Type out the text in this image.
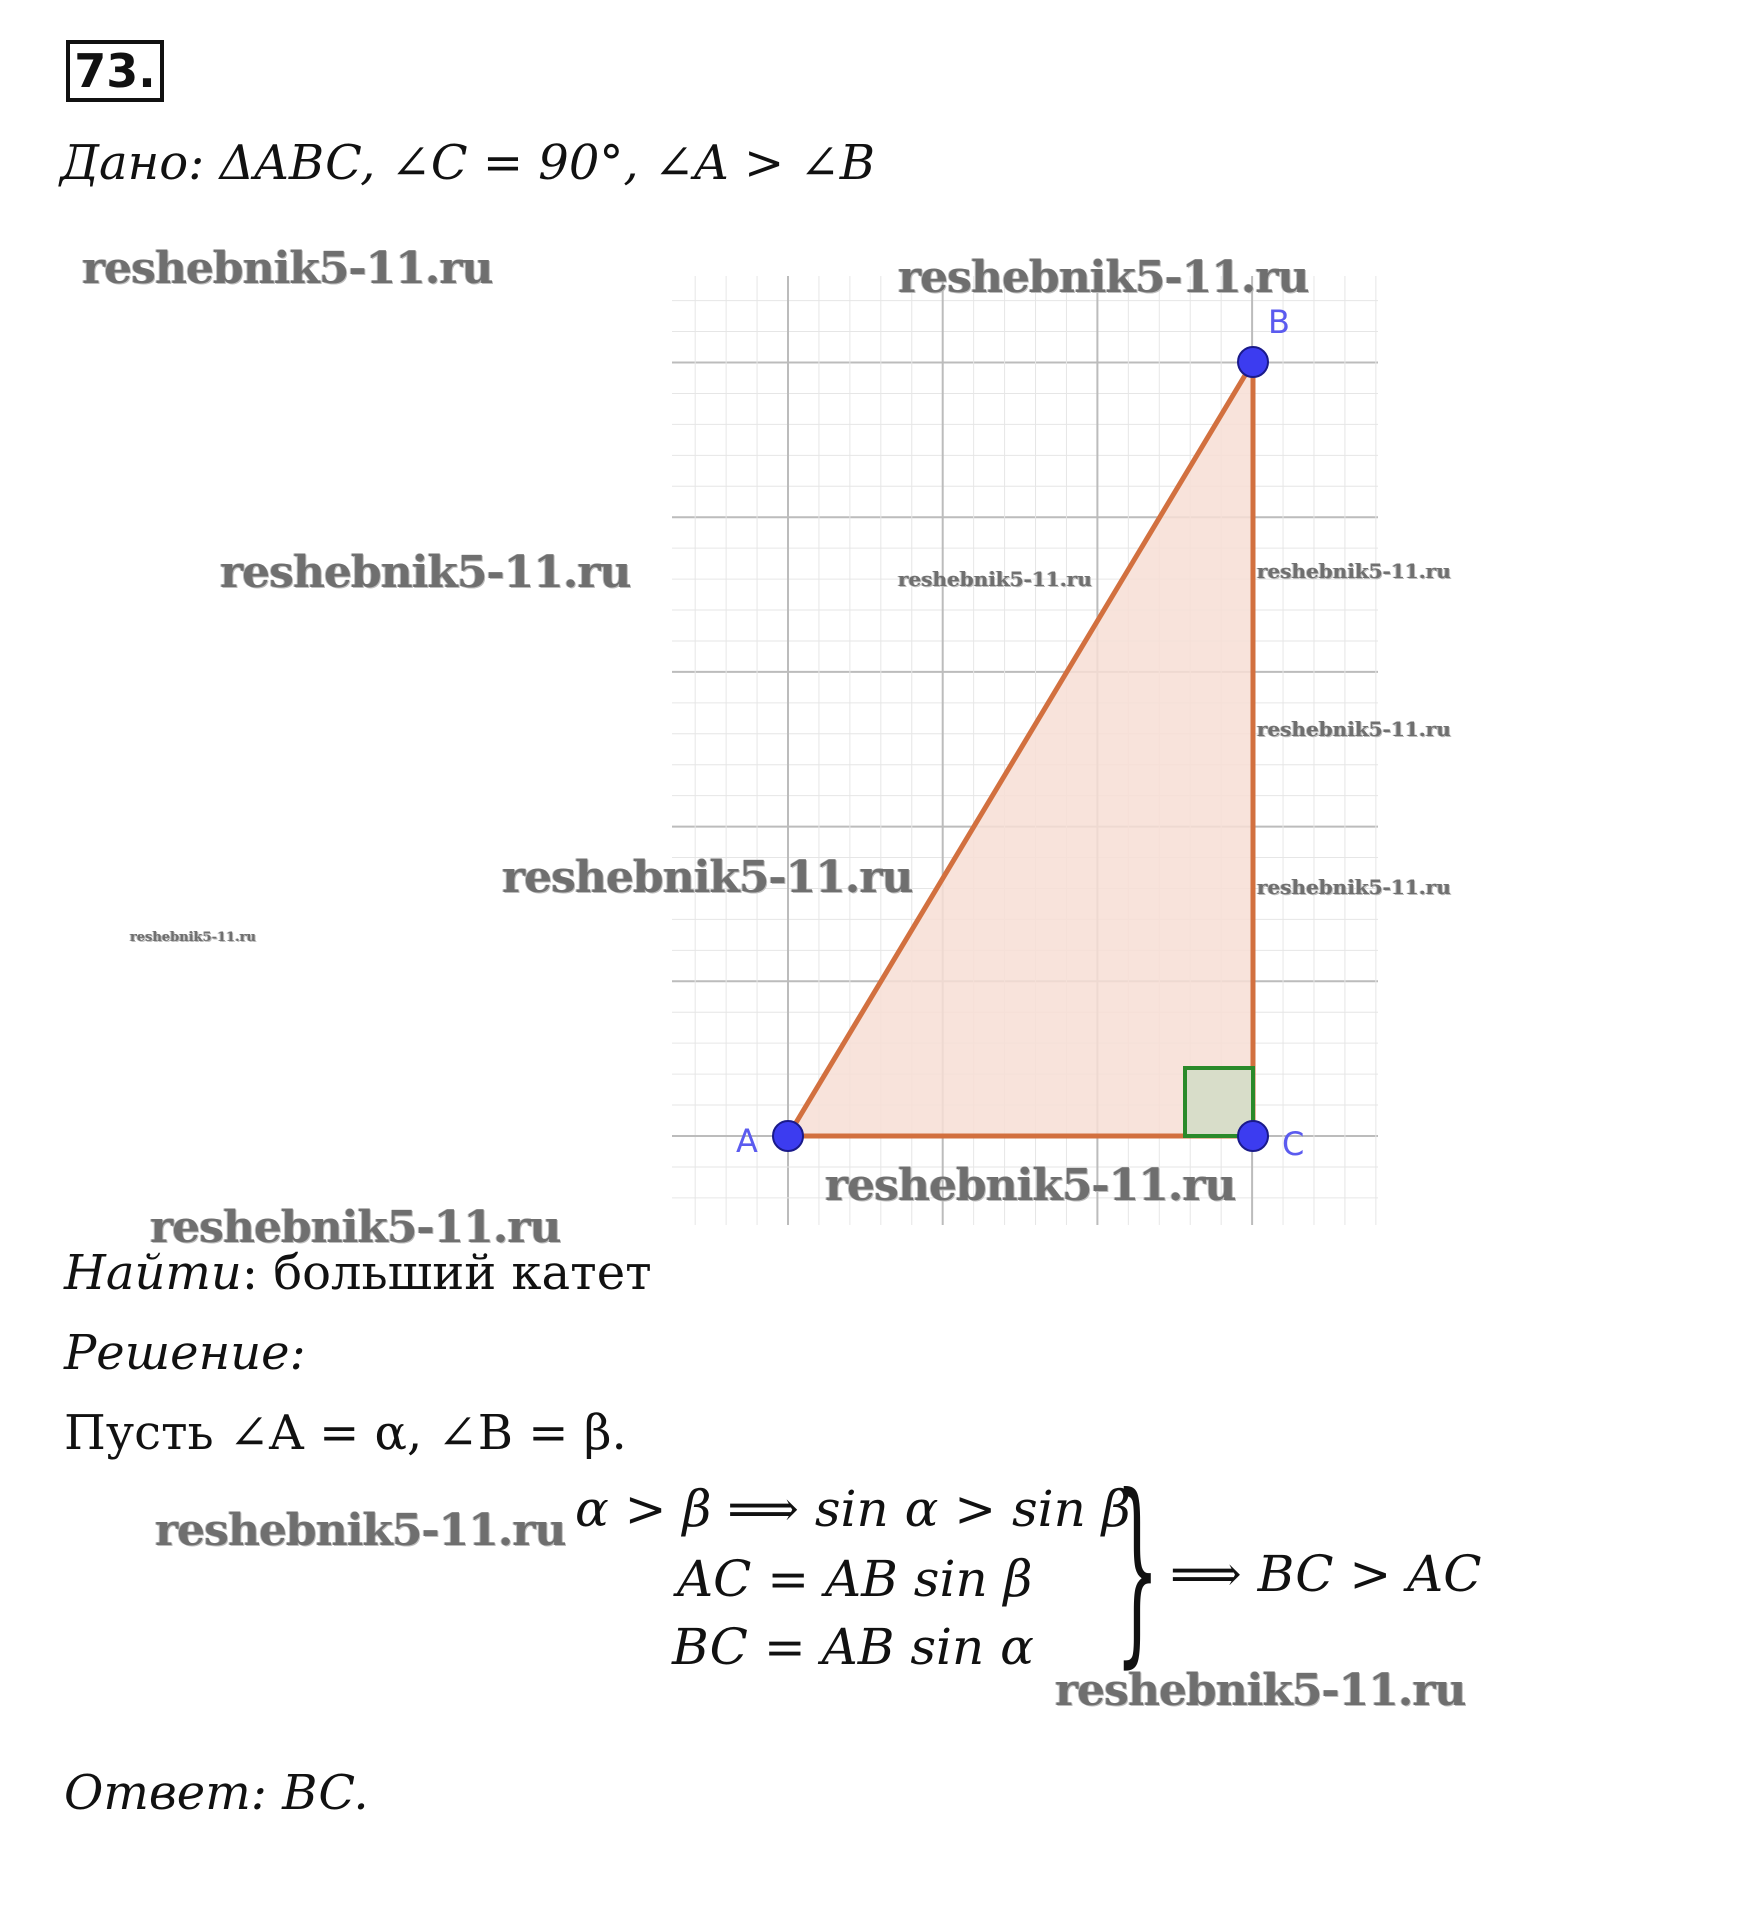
73.
Дано: ΔABC, ∠C = 90°, ∠A > ∠B
A
B
C
reshebnik5-11.ru	reshebnik5-11.ru
reshebnik5-11.ru	reshebnik5-11.ru	reshebnik5-11.ru
reshebnik5-11.ru
reshebnik5-11.ru	reshebnik5-11.ru
reshebnik5-11.ru
reshebnik5-11.ru
reshebnik5-11.ru
reshebnik5-11.ru
reshebnik5-11.ru
Найти: больший катет
Решение:
Пусть ∠A = α, ∠B = β.
α > β ⟹ sin α > sin β
AC = AB sin β
BC = AB sin α } ⟹ BC > AC
Ответ: BC.
